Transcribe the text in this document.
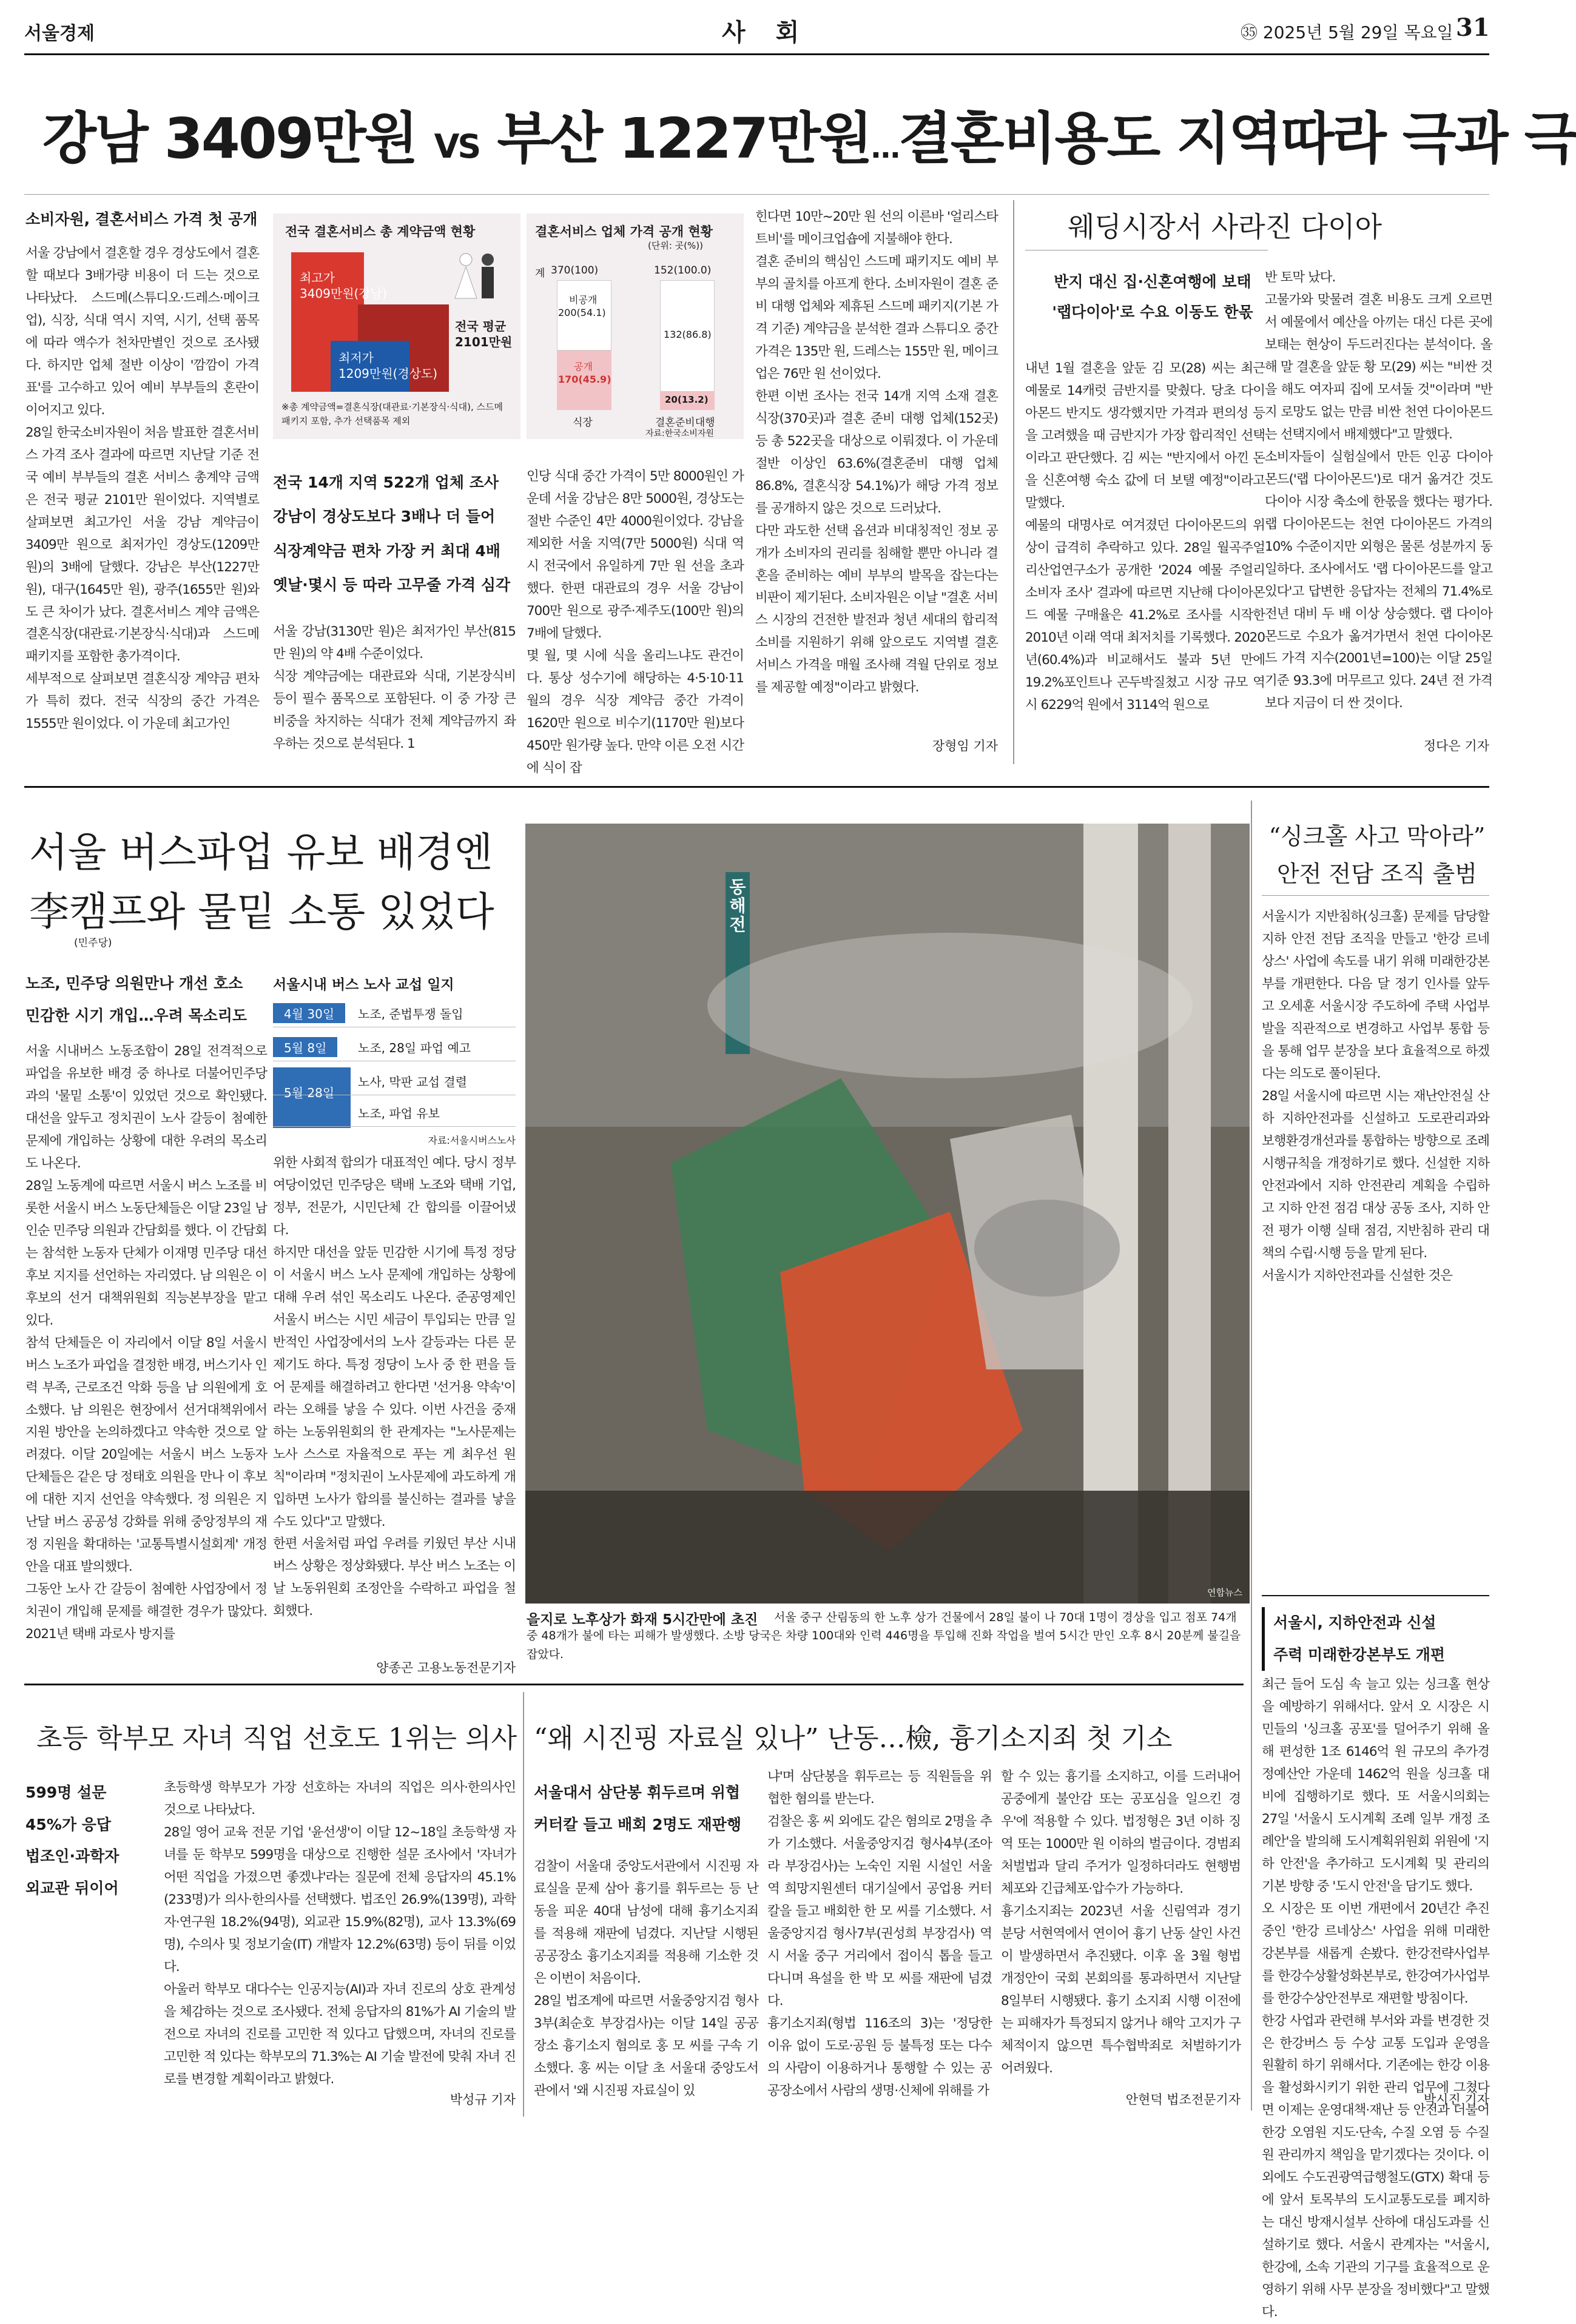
서울경제	사 회	㉟ 2025년 5월 29일 목요일 31
강남 3409만원 VS 부산 1227만원…결혼비용도 지역따라 극과 극
소비자원, 결혼서비스 가격 첫 공개
서울 강남에서 결혼할 경우 경상도에서 결혼할 때보다 3배가량 비용이 더 드는 것으로 나타났다. 스드메(스튜디오·드레스·메이크업), 식장, 식대 역시 지역, 시기, 선택 품목에 따라 액수가 천차만별인 것으로 조사됐다. 하지만 업체 절반 이상이 '깜깜이 가격표'를 고수하고 있어 예비 부부들의 혼란이 이어지고 있다.
28일 한국소비자원이 처음 발표한 결혼서비스 가격 조사 결과에 따르면 지난달 기준 전국 예비 부부들의 결혼 서비스 총계약 금액은 전국 평균 2101만 원이었다. 지역별로 살펴보면 최고가인 서울 강남 계약금이 3409만 원으로 최저가인 경상도(1209만 원)의 3배에 달했다. 강남은 부산(1227만 원), 대구(1645만 원), 광주(1655만 원)와도 큰 차이가 났다. 결혼서비스 계약 금액은 결혼식장(대관료·기본장식·식대)과 스드메 패키지를 포함한 총가격이다.
세부적으로 살펴보면 결혼식장 계약금 편차가 특히 컸다. 전국 식장의 중간 가격은 1555만 원이었다. 이 가운데 최고가인
전국 결혼서비스 총 계약금액 현황
최고가
3409만원(강남)
전국 평균
2101만원
최저가
1209만원(경상도)
※총 계약금액=결혼식장(대관료·기본장식·식대), 스드메 패키지 포함, 추가 선택품목 제외
결혼서비스 업체 가격 공개 현황
(단위: 곳(%))
계 370(100)	152(100.0)
비공개
200(54.1)
132(86.8)
공개
170(45.9)
20(13.2)
식장	결혼준비대행
자료:한국소비자원
전국 14개 지역 522개 업체 조사
강남이 경상도보다 3배나 더 들어
식장계약금 편차 가장 커 최대 4배
옛날·몇시 등 따라 고무줄 가격 심각
서울 강남(3130만 원)은 최저가인 부산(815만 원)의 약 4배 수준이었다.
식장 계약금에는 대관료와 식대, 기본장식비 등이 필수 품목으로 포함된다. 이 중 가장 큰 비중을 차지하는 식대가 전체 계약금까지 좌우하는 것으로 분석된다. 1
인당 식대 중간 가격이 5만 8000원인 가운데 서울 강남은 8만 5000원, 경상도는 절반 수준인 4만 4000원이었다. 강남을 제외한 서울 지역(7만 5000원) 식대 역시 전국에서 유일하게 7만 원 선을 초과했다. 한편 대관료의 경우 서울 강남이 700만 원으로 광주·제주도(100만 원)의 7배에 달했다.
몇 월, 몇 시에 식을 올리느냐도 관건이다. 통상 성수기에 해당하는 4·5·10·11월의 경우 식장 계약금 중간 가격이 1620만 원으로 비수기(1170만 원)보다 450만 원가량 높다. 만약 이른 오전 시간에 식이 잡
힌다면 10만~20만 원 선의 이른바 '얼리스타트비'를 메이크업숍에 지불해야 한다.
결혼 준비의 핵심인 스드메 패키지도 예비 부부의 골치를 아프게 한다. 소비자원이 결혼 준비 대행 업체와 제휴된 스드메 패키지(기본 가격 기준) 계약금을 분석한 결과 스튜디오 중간 가격은 135만 원, 드레스는 155만 원, 메이크업은 76만 원 선이었다.
한편 이번 조사는 전국 14개 지역 소재 결혼식장(370곳)과 결혼 준비 대행 업체(152곳) 등 총 522곳을 대상으로 이뤄졌다. 이 가운데 절반 이상인 63.6%(결혼준비 대행 업체 86.8%, 결혼식장 54.1%)가 해당 가격 정보를 공개하지 않은 것으로 드러났다.
다만 과도한 선택 옵션과 비대칭적인 정보 공개가 소비자의 권리를 침해할 뿐만 아니라 결혼을 준비하는 예비 부부의 발목을 잡는다는 비판이 제기된다. 소비자원은 이날 "결혼 서비스 시장의 건전한 발전과 청년 세대의 합리적 소비를 지원하기 위해 앞으로도 지역별 결혼 서비스 가격을 매월 조사해 격월 단위로 정보를 제공할 예정"이라고 밝혔다.
장형임 기자
웨딩시장서 사라진 다이아
반지 대신 집·신혼여행에 보태
'랩다이아'로 수요 이동도 한몫
내년 1월 결혼을 앞둔 김 모(28) 씨는 최근 예물로 14캐럿 금반지를 맞췄다. 당초 다이아몬드 반지도 생각했지만 가격과 편의성 등을 고려했을 때 금반지가 가장 합리적인 선택이라고 판단했다. 김 씨는 "반지에서 아낀 돈을 신혼여행 숙소 값에 더 보탤 예정"이라고 말했다.
예물의 대명사로 여겨졌던 다이아몬드의 위상이 급격히 추락하고 있다. 28일 월곡주얼리산업연구소가 공개한 '2024 예물 주얼리 소비자 조사' 결과에 따르면 지난해 다이아몬드 예물 구매율은 41.2%로 조사를 시작한 2010년 이래 역대 최저치를 기록했다. 2020년(60.4%)과 비교해서도 불과 5년 만에 19.2%포인트나 곤두박질쳤고 시장 규모 역시 6229억 원에서 3114억 원으로
반 토막 났다.
고물가와 맞물려 결혼 비용도 크게 오르면서 예물에서 예산을 아끼는 대신 다른 곳에 보태는 현상이 두드러진다는 분석이다. 올해 말 결혼을 앞둔 황 모(29) 씨는 "비싼 것을 해도 여자피 집에 모셔둘 것"이라며 "반지 로망도 없는 만큼 비싼 천연 다이아몬드는 선택지에서 배제했다"고 말했다.
소비자들이 실험실에서 만든 인공 다이아몬드('랩 다이아몬드')로 대거 옮겨간 것도 다이아 시장 축소에 한몫을 했다는 평가다. 랩 다이아몬드는 천연 다이아몬드 가격의 10% 수준이지만 외형은 물론 성분까지 동일하다. 조사에서도 '랩 다이아몬드를 알고 있다'고 답변한 응답자는 전체의 71.4%로 전년 대비 두 배 이상 상승했다. 랩 다이아몬드로 수요가 옮겨가면서 천연 다이아몬드 가격 지수(2001년=100)는 이달 25일 기준 93.3에 머무르고 있다. 24년 전 가격보다 지금이 더 싼 것이다.
정다은 기자
서울 버스파업 유보 배경엔
李캠프와 물밑 소통 있었다
(민주당)
노조, 민주당 의원만나 개선 호소
민감한 시기 개입…우려 목소리도
서울시내 버스 노사 교섭 일지
4월 30일	노조, 준법투쟁 돌입
5월 8일	노조, 28일 파업 예고
5월 28일
노사, 막판 교섭 결렬
노조, 파업 유보
자료:서울시버스노사
서울 시내버스 노동조합이 28일 전격적으로 파업을 유보한 배경 중 하나로 더불어민주당과의 '물밑 소통'이 있었던 것으로 확인됐다. 대선을 앞두고 정치권이 노사 갈등이 첨예한 문제에 개입하는 상황에 대한 우려의 목소리도 나온다.
28일 노동계에 따르면 서울시 버스 노조를 비롯한 서울시 버스 노동단체들은 이달 23일 남인순 민주당 의원과 간담회를 했다. 이 간담회는 참석한 노동자 단체가 이재명 민주당 대선 후보 지지를 선언하는 자리였다. 남 의원은 이 후보의 선거 대책위원회 직능본부장을 맡고 있다.
참석 단체들은 이 자리에서 이달 8일 서울시 버스 노조가 파업을 결정한 배경, 버스기사 인력 부족, 근로조건 악화 등을 남 의원에게 호소했다. 남 의원은 현장에서 선거대책위에서 지원 방안을 논의하겠다고 약속한 것으로 알려졌다. 이달 20일에는 서울시 버스 노동자 단체들은 같은 당 정태호 의원을 만나 이 후보에 대한 지지 선언을 약속했다. 정 의원은 지난달 버스 공공성 강화를 위해 중앙정부의 재정 지원을 확대하는 '교통특별시설회계' 개정안을 대표 발의했다.
그동안 노사 간 갈등이 첨예한 사업장에서 정치권이 개입해 문제를 해결한 경우가 많았다. 2021년 택배 과로사 방지를
위한 사회적 합의가 대표적인 예다. 당시 정부 여당이었던 민주당은 택배 노조와 택배 기업, 정부, 전문가, 시민단체 간 합의를 이끌어냈다.
하지만 대선을 앞둔 민감한 시기에 특정 정당이 서울시 버스 노사 문제에 개입하는 상황에 대해 우려 섞인 목소리도 나온다. 준공영제인 서울시 버스는 시민 세금이 투입되는 만큼 일반적인 사업장에서의 노사 갈등과는 다른 문제기도 하다. 특정 정당이 노사 중 한 편을 들어 문제를 해결하려고 한다면 '선거용 약속'이라는 오해를 낳을 수 있다. 이번 사건을 중재하는 노동위원회의 한 관계자는 "노사문제는 노사 스스로 자율적으로 푸는 게 최우선 원칙"이라며 "정치권이 노사문제에 과도하게 개입하면 노사가 합의를 불신하는 결과를 낳을 수도 있다"고 말했다.
한편 서울처럼 파업 우려를 키웠던 부산 시내버스 상황은 정상화됐다. 부산 버스 노조는 이날 노동위원회 조정안을 수락하고 파업을 철회했다.
양종곤 고용노동전문기자
동해전
연합뉴스
을지로 노후상가 화재 5시간만에 초진	서울 중구 산림동의 한 노후 상가 건물에서 28일 불이 나 70대 1명이 경상을 입고 점포 74개 중 48개가 불에 타는 피해가 발생했다. 소방 당국은 차량 100대와 인력 446명을 투입해 진화 작업을 벌여 5시간 만인 오후 8시 20분께 불길을 잡았다.
“싱크홀 사고 막아라”
안전 전담 조직 출범
서울시가 지반침하(싱크홀) 문제를 담당할 지하 안전 전담 조직을 만들고 '한강 르네상스' 사업에 속도를 내기 위해 미래한강본부를 개편한다. 다음 달 정기 인사를 앞두고 오세훈 서울시장 주도하에 주택 사업부발을 직관적으로 변경하고 사업부 통합 등을 통해 업무 분장을 보다 효율적으로 하겠다는 의도로 풀이된다.
28일 서울시에 따르면 시는 재난안전실 산하 지하안전과를 신설하고 도로관리과와 보행환경개선과를 통합하는 방향으로 조례 시행규칙을 개정하기로 했다. 신설한 지하안전과에서 지하 안전관리 계획을 수립하고 지하 안전 점검 대상 공동 조사, 지하 안전 평가 이행 실태 점검, 지반침하 관리 대책의 수립·시행 등을 맡게 된다.
서울시가 지하안전과를 신설한 것은
서울시, 지하안전과 신설
주력 미래한강본부도 개편
최근 들어 도심 속 늘고 있는 싱크홀 현상을 예방하기 위해서다. 앞서 오 시장은 시민들의 '싱크홀 공포'를 덜어주기 위해 올해 편성한 1조 6146억 원 규모의 추가경정예산안 가운데 1462억 원을 싱크홀 대비에 집행하기로 했다. 또 서울시의회는 27일 '서울시 도시계획 조례 일부 개정 조례안'을 발의해 도시계획위원회 위원에 '지하 안전'을 추가하고 도시계획 및 관리의 기본 방향 중 '도시 안전'을 담기도 했다.
오 시장은 또 이번 개편에서 20년간 추진 중인 '한강 르네상스' 사업을 위해 미래한강본부를 새롭게 손봤다. 한강전략사업부를 한강수상활성화본부로, 한강여가사업부를 한강수상안전부로 재편할 방침이다.
한강 사업과 관련해 부서와 과를 변경한 것은 한강버스 등 수상 교통 도입과 운영을 원활히 하기 위해서다. 기존에는 한강 이용을 활성화시키기 위한 관리 업무에 그쳤다면 이제는 운영대책·재난 등 안전과 더불어 한강 오염원 지도·단속, 수질 오염 등 수질원 관리까지 책임을 맡기겠다는 것이다. 이 외에도 수도권광역급행철도(GTX) 확대 등에 앞서 토목부의 도시교통도로를 폐지하는 대신 방재시설부 산하에 대심도과를 신설하기로 했다. 서울시 관계자는 "서울시, 한강에, 소속 기관의 기구를 효율적으로 운영하기 위해 사무 분장을 정비했다"고 말했다.
박시진 기자
초등 학부모 자녀 직업 선호도 1위는 의사
599명 설문
45%가 응답
법조인·과학자
외교관 뒤이어
초등학생 학부모가 가장 선호하는 자녀의 직업은 의사·한의사인 것으로 나타났다.
28일 영어 교육 전문 기업 '윤선생'이 이달 12~18일 초등학생 자녀를 둔 학부모 599명을 대상으로 진행한 설문 조사에서 '자녀가 어떤 직업을 가졌으면 좋겠냐'라는 질문에 전체 응답자의 45.1%(233명)가 의사·한의사를 선택했다. 법조인 26.9%(139명), 과학자·연구원 18.2%(94명), 외교관 15.9%(82명), 교사 13.3%(69명), 수의사 및 정보기술(IT) 개발자 12.2%(63명) 등이 뒤를 이었다.
아울러 학부모 대다수는 인공지능(AI)과 자녀 진로의 상호 관계성을 체감하는 것으로 조사됐다. 전체 응답자의 81%가 AI 기술의 발전으로 자녀의 진로를 고민한 적 있다고 답했으며, 자녀의 진로를 고민한 적 있다는 학부모의 71.3%는 AI 기술 발전에 맞춰 자녀 진로를 변경할 계획이라고 밝혔다.
박성규 기자
“왜 시진핑 자료실 있나” 난동…檢, 흉기소지죄 첫 기소
서울대서 삼단봉 휘두르며 위협
커터칼 들고 배회 2명도 재판행
검찰이 서울대 중앙도서관에서 시진핑 자료실을 문제 삼아 흉기를 휘두르는 등 난동을 피운 40대 남성에 대해 흉기소지죄를 적용해 재판에 넘겼다. 지난달 시행된 공공장소 흉기소지죄를 적용해 기소한 것은 이번이 처음이다.
28일 법조계에 따르면 서울중앙지검 형사3부(최순호 부장검사)는 이달 14일 공공장소 흉기소지 혐의로 홍 모 씨를 구속 기소했다. 홍 씨는 이달 초 서울대 중앙도서관에서 '왜 시진핑 자료실이 있
냐'며 삼단봉을 휘두르는 등 직원들을 위협한 혐의를 받는다.
검찰은 홍 씨 외에도 같은 혐의로 2명을 추가 기소했다. 서울중앙지검 형사4부(조아라 부장검사)는 노숙인 지원 시설인 서울역 희망지원센터 대기실에서 공업용 커터칼을 들고 배회한 한 모 씨를 기소했다. 서울중앙지검 형사7부(권성희 부장검사) 역시 서울 중구 거리에서 접이식 톱을 들고 다니며 욕설을 한 박 모 씨를 재판에 넘겼다.
흉기소지죄(형법 116조의 3)는 '정당한 이유 없이 도로·공원 등 불특정 또는 다수의 사람이 이용하거나 통행할 수 있는 공공장소에서 사람의 생명·신체에 위해를 가
할 수 있는 흉기를 소지하고, 이를 드러내어 공중에게 불안감 또는 공포심을 일으킨 경우'에 적용할 수 있다. 법정형은 3년 이하 징역 또는 1000만 원 이하의 벌금이다. 경범죄처벌법과 달리 주거가 일정하더라도 현행범 체포와 긴급체포·압수가 가능하다.
흉기소지죄는 2023년 서울 신림역과 경기 분당 서현역에서 연이어 흉기 난동 살인 사건이 발생하면서 추진됐다. 이후 올 3월 형법 개정안이 국회 본회의를 통과하면서 지난달 8일부터 시행됐다. 흉기 소지죄 시행 이전에는 피해자가 특정되지 않거나 해악 고지가 구체적이지 않으면 특수협박죄로 처벌하기가 어려웠다.
안현덕 법조전문기자
